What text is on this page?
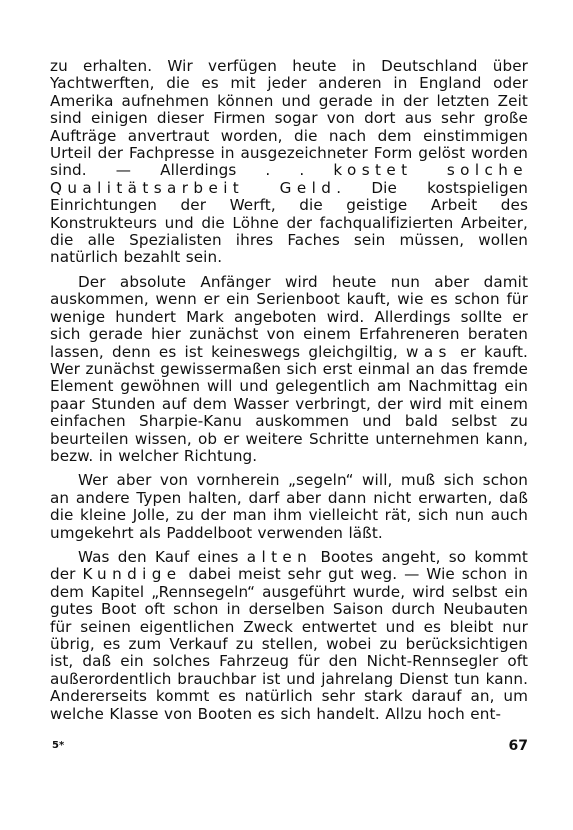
zu erhalten. Wir verfügen heute in Deutschland über Yachtwerften, die es mit jeder anderen in England oder Amerika aufnehmen können und gerade in der letzten Zeit sind einigen dieser Firmen sogar von dort aus sehr große Aufträge anvertraut worden, die nach dem einstimmigen Urteil der Fachpresse in ausgezeichneter Form gelöst worden sind. — Allerdings . . kostet solche Qualitätsarbeit Geld. Die kostspieligen Einrichtungen der Werft, die geistige Arbeit des Konstrukteurs und die Löhne der fachqualifizierten Arbeiter, die alle Spezialisten ihres Faches sein müssen, wollen natürlich bezahlt sein.

Der absolute Anfänger wird heute nun aber damit auskommen, wenn er ein Serienboot kauft, wie es schon für wenige hundert Mark angeboten wird. Allerdings sollte er sich gerade hier zunächst von einem Erfahreneren beraten lassen, denn es ist keineswegs gleichgiltig, was er kauft. Wer zunächst gewissermaßen sich erst einmal an das fremde Element gewöhnen will und gelegentlich am Nachmittag ein paar Stunden auf dem Wasser verbringt, der wird mit einem einfachen Sharpie-Kanu auskommen und bald selbst zu beurteilen wissen, ob er weitere Schritte unternehmen kann, bezw. in welcher Richtung.

Wer aber von vornherein „segeln“ will, muß sich schon an andere Typen halten, darf aber dann nicht erwarten, daß die kleine Jolle, zu der man ihm vielleicht rät, sich nun auch umgekehrt als Paddelboot verwenden läßt.

Was den Kauf eines alten Bootes angeht, so kommt der Kundige dabei meist sehr gut weg. — Wie schon in dem Kapitel „Rennsegeln“ ausgeführt wurde, wird selbst ein gutes Boot oft schon in derselben Saison durch Neubauten für seinen eigentlichen Zweck entwertet und es bleibt nur übrig, es zum Verkauf zu stellen, wobei zu berücksichtigen ist, daß ein solches Fahrzeug für den Nicht-Rennsegler oft außerordentlich brauchbar ist und jahrelang Dienst tun kann. Andererseits kommt es natürlich sehr stark darauf an, um welche Klasse von Booten es sich handelt. Allzu hoch ent-

5*	67
